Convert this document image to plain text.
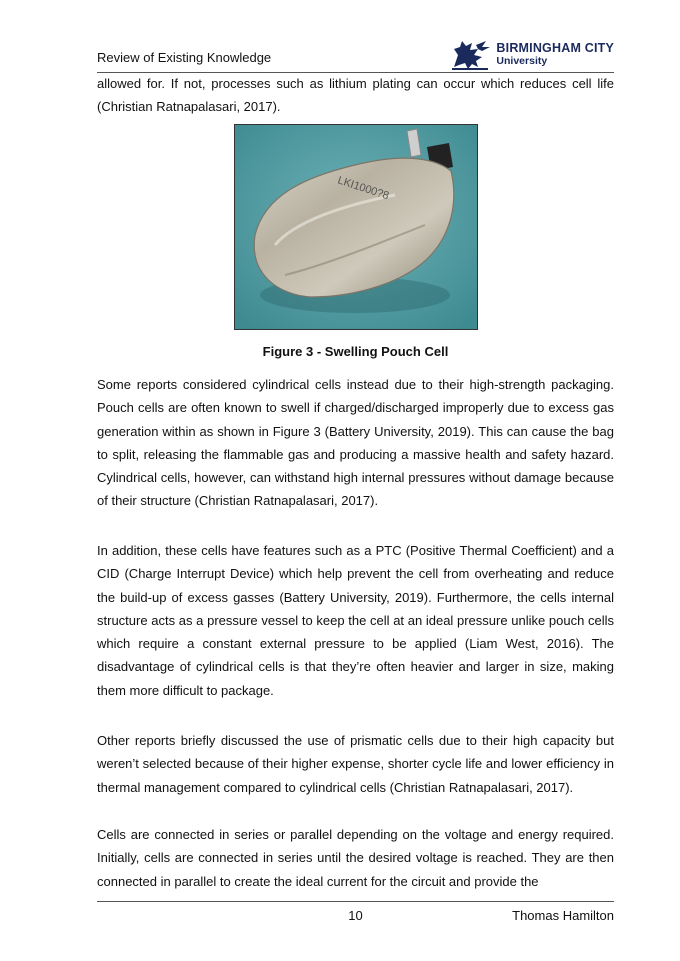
Review of Existing Knowledge
BIRMINGHAM CITY
University

allowed for. If not, processes such as lithium plating can occur which reduces cell life (Christian Ratnapalasari, 2017).

LKI1000?8
Figure 3 - Swelling Pouch Cell

Some reports considered cylindrical cells instead due to their high-strength packaging. Pouch cells are often known to swell if charged/discharged improperly due to excess gas generation within as shown in Figure 3 (Battery University, 2019). This can cause the bag to split, releasing the flammable gas and producing a massive health and safety hazard. Cylindrical cells, however, can withstand high internal pressures without damage because of their structure (Christian Ratnapalasari, 2017).

In addition, these cells have features such as a PTC (Positive Thermal Coefficient) and a CID (Charge Interrupt Device) which help prevent the cell from overheating and reduce the build-up of excess gasses (Battery University, 2019). Furthermore, the cells internal structure acts as a pressure vessel to keep the cell at an ideal pressure unlike pouch cells which require a constant external pressure to be applied (Liam West, 2016). The disadvantage of cylindrical cells is that they’re often heavier and larger in size, making them more difficult to package.

Other reports briefly discussed the use of prismatic cells due to their high capacity but weren’t selected because of their higher expense, shorter cycle life and lower efficiency in thermal management compared to cylindrical cells (Christian Ratnapalasari, 2017).

Cells are connected in series or parallel depending on the voltage and energy required. Initially, cells are connected in series until the desired voltage is reached. They are then connected in parallel to create the ideal current for the circuit and provide the

10	Thomas Hamilton
